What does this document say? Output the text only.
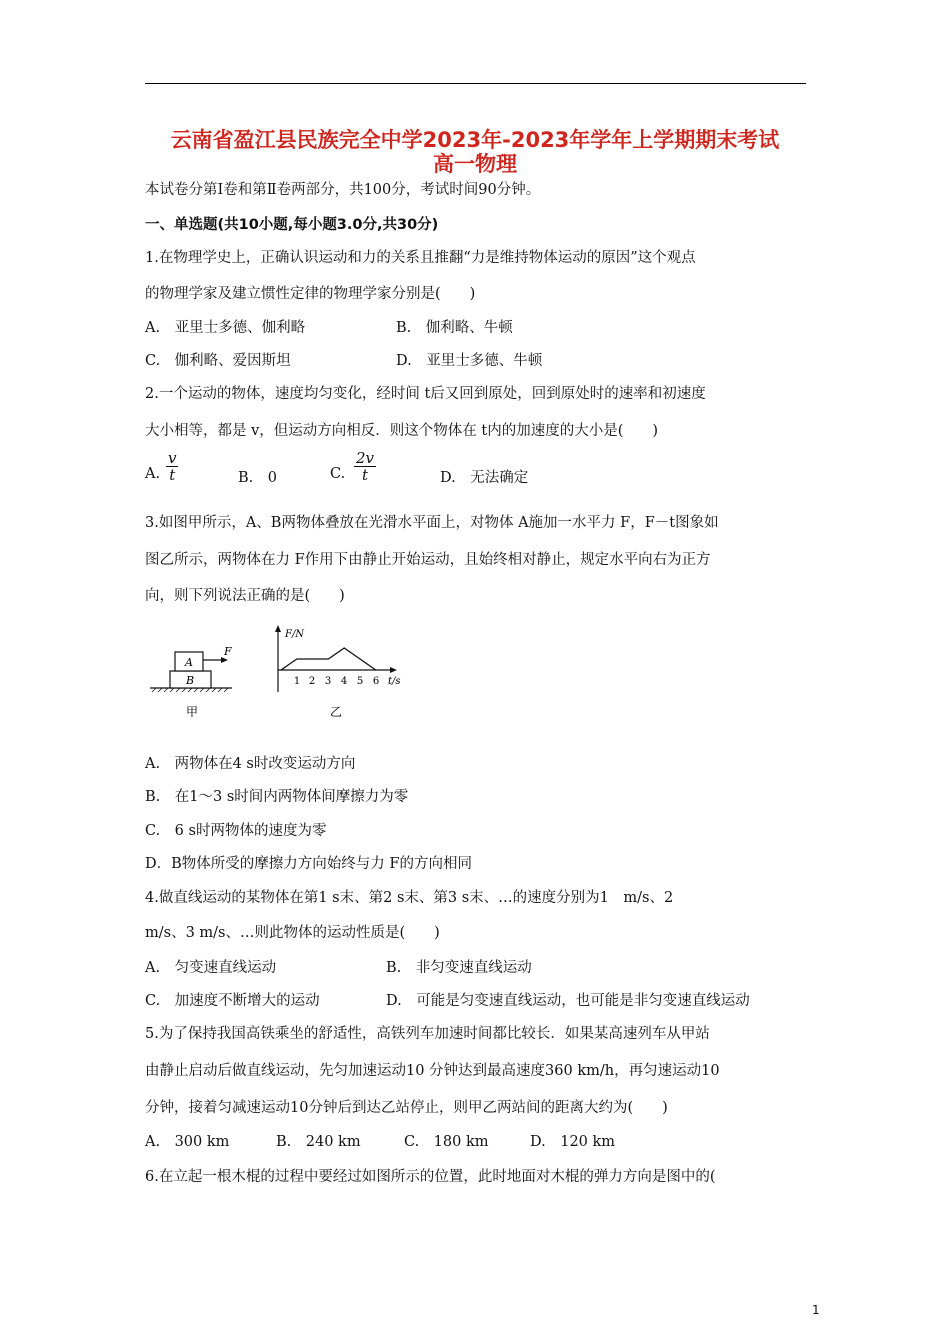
云南省盈江县民族完全中学2023年-2023年学年上学期期末考试
高一物理
本试卷分第Ⅰ卷和第Ⅱ卷两部分，共100分，考试时间90分钟。
一、单选题(共10小题,每小题3.0分,共30分)
1.在物理学史上，正确认识运动和力的关系且推翻“力是维持物体运动的原因”这个观点
的物理学家及建立惯性定律的物理学家分别是(　　)
A.　亚里士多德、伽利略	B.　伽利略、牛顿
C.　伽利略、爱因斯坦	D.　亚里士多德、牛顿
2.一个运动的物体，速度均匀变化，经时间 t后又回到原处，回到原处时的速率和初速度
大小相等，都是 v，但运动方向相反．则这个物体在 t内的加速度的大小是(　　)
A. $\frac{v}{t}$	B.　0	C. $\frac{2v}{t}$	D.　无法确定
3.如图甲所示，A、B两物体叠放在光滑水平面上，对物体 A施加一水平力 F，F－t图象如
图乙所示，两物体在力 F作用下由静止开始运动，且始终相对静止，规定水平向右为正方
向，则下列说法正确的是(　　)
A
B
F
甲
F/N
t/s
1 2 3 4 5 6
乙
A.　两物体在4 s时改变运动方向
B.　在1～3 s时间内两物体间摩擦力为零
C.　6 s时两物体的速度为零
D．B物体所受的摩擦力方向始终与力 F的方向相同
4.做直线运动的某物体在第1 s末、第2 s末、第3 s末、…的速度分别为1　m/s、2
m/s、3 m/s、…则此物体的运动性质是(　　)
A.　匀变速直线运动	B.　非匀变速直线运动
C.　加速度不断增大的运动	D.　可能是匀变速直线运动，也可能是非匀变速直线运动
5.为了保持我国高铁乘坐的舒适性，高铁列车加速时间都比较长．如果某高速列车从甲站
由静止启动后做直线运动，先匀加速运动10 分钟达到最高速度360 km/h，再匀速运动10
分钟，接着匀减速运动10分钟后到达乙站停止，则甲乙两站间的距离大约为(　　)
A.　300 km	B.　240 km	C.　180 km	D.　120 km
6.在立起一根木棍的过程中要经过如图所示的位置，此时地面对木棍的弹力方向是图中的(
1
